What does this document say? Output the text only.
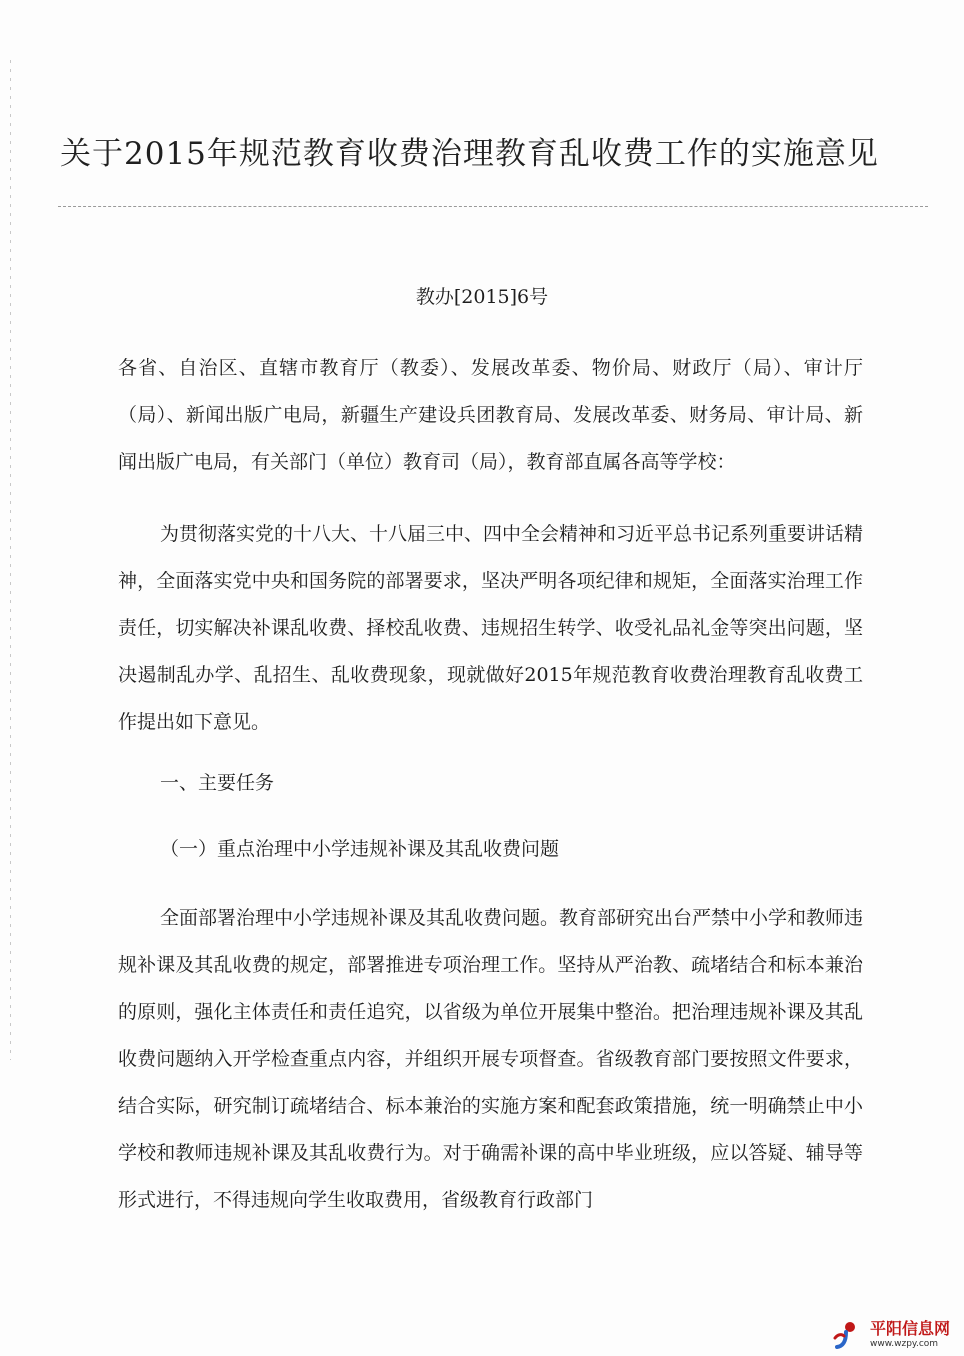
关于2015年规范教育收费治理教育乱收费工作的实施意见
教办[2015]6号
各省、自治区、直辖市教育厅（教委）、发展改革委、物价局、财政厅（局）、审计厅（局）、新闻出版广电局，新疆生产建设兵团教育局、发展改革委、财务局、审计局、新闻出版广电局，有关部门（单位）教育司（局），教育部直属各高等学校：
为贯彻落实党的十八大、十八届三中、四中全会精神和习近平总书记系列重要讲话精神，全面落实党中央和国务院的部署要求，坚决严明各项纪律和规矩，全面落实治理工作责任，切实解决补课乱收费、择校乱收费、违规招生转学、收受礼品礼金等突出问题，坚决遏制乱办学、乱招生、乱收费现象，现就做好2015年规范教育收费治理教育乱收费工作提出如下意见。
一、主要任务
（一）重点治理中小学违规补课及其乱收费问题
全面部署治理中小学违规补课及其乱收费问题。教育部研究出台严禁中小学和教师违规补课及其乱收费的规定，部署推进专项治理工作。坚持从严治教、疏堵结合和标本兼治的原则，强化主体责任和责任追究，以省级为单位开展集中整治。把治理违规补课及其乱收费问题纳入开学检查重点内容，并组织开展专项督查。省级教育部门要按照文件要求，结合实际，研究制订疏堵结合、标本兼治的实施方案和配套政策措施，统一明确禁止中小学校和教师违规补课及其乱收费行为。对于确需补课的高中毕业班级，应以答疑、辅导等形式进行，不得违规向学生收取费用，省级教育行政部门
平阳信息网
www.wzpy.com
